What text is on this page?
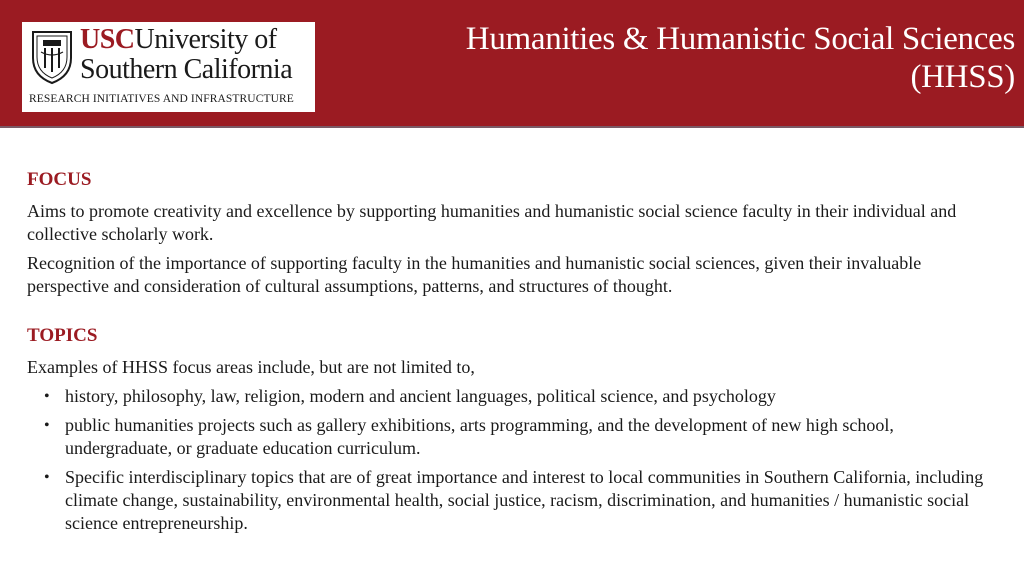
USCUniversity of
Southern California
RESEARCH INITIATIVES AND INFRASTRUCTURE
Humanities & Humanistic Social Sciences (HHSS)
FOCUS

Aims to promote creativity and excellence by supporting humanities and humanistic social science faculty in their individual and collective scholarly work.

Recognition of the importance of supporting faculty in the humanities and humanistic social sciences, given their invaluable perspective and consideration of cultural assumptions, patterns, and structures of thought.

TOPICS

Examples of HHSS focus areas include, but are not limited to,

• history, philosophy, law, religion, modern and ancient languages, political science, and psychology
• public humanities projects such as gallery exhibitions, arts programming, and the development of new high school, undergraduate, or graduate education curriculum.
• Specific interdisciplinary topics that are of great importance and interest to local communities in Southern California, including climate change, sustainability, environmental health, social justice, racism, discrimination, and humanities / humanistic social science entrepreneurship.
